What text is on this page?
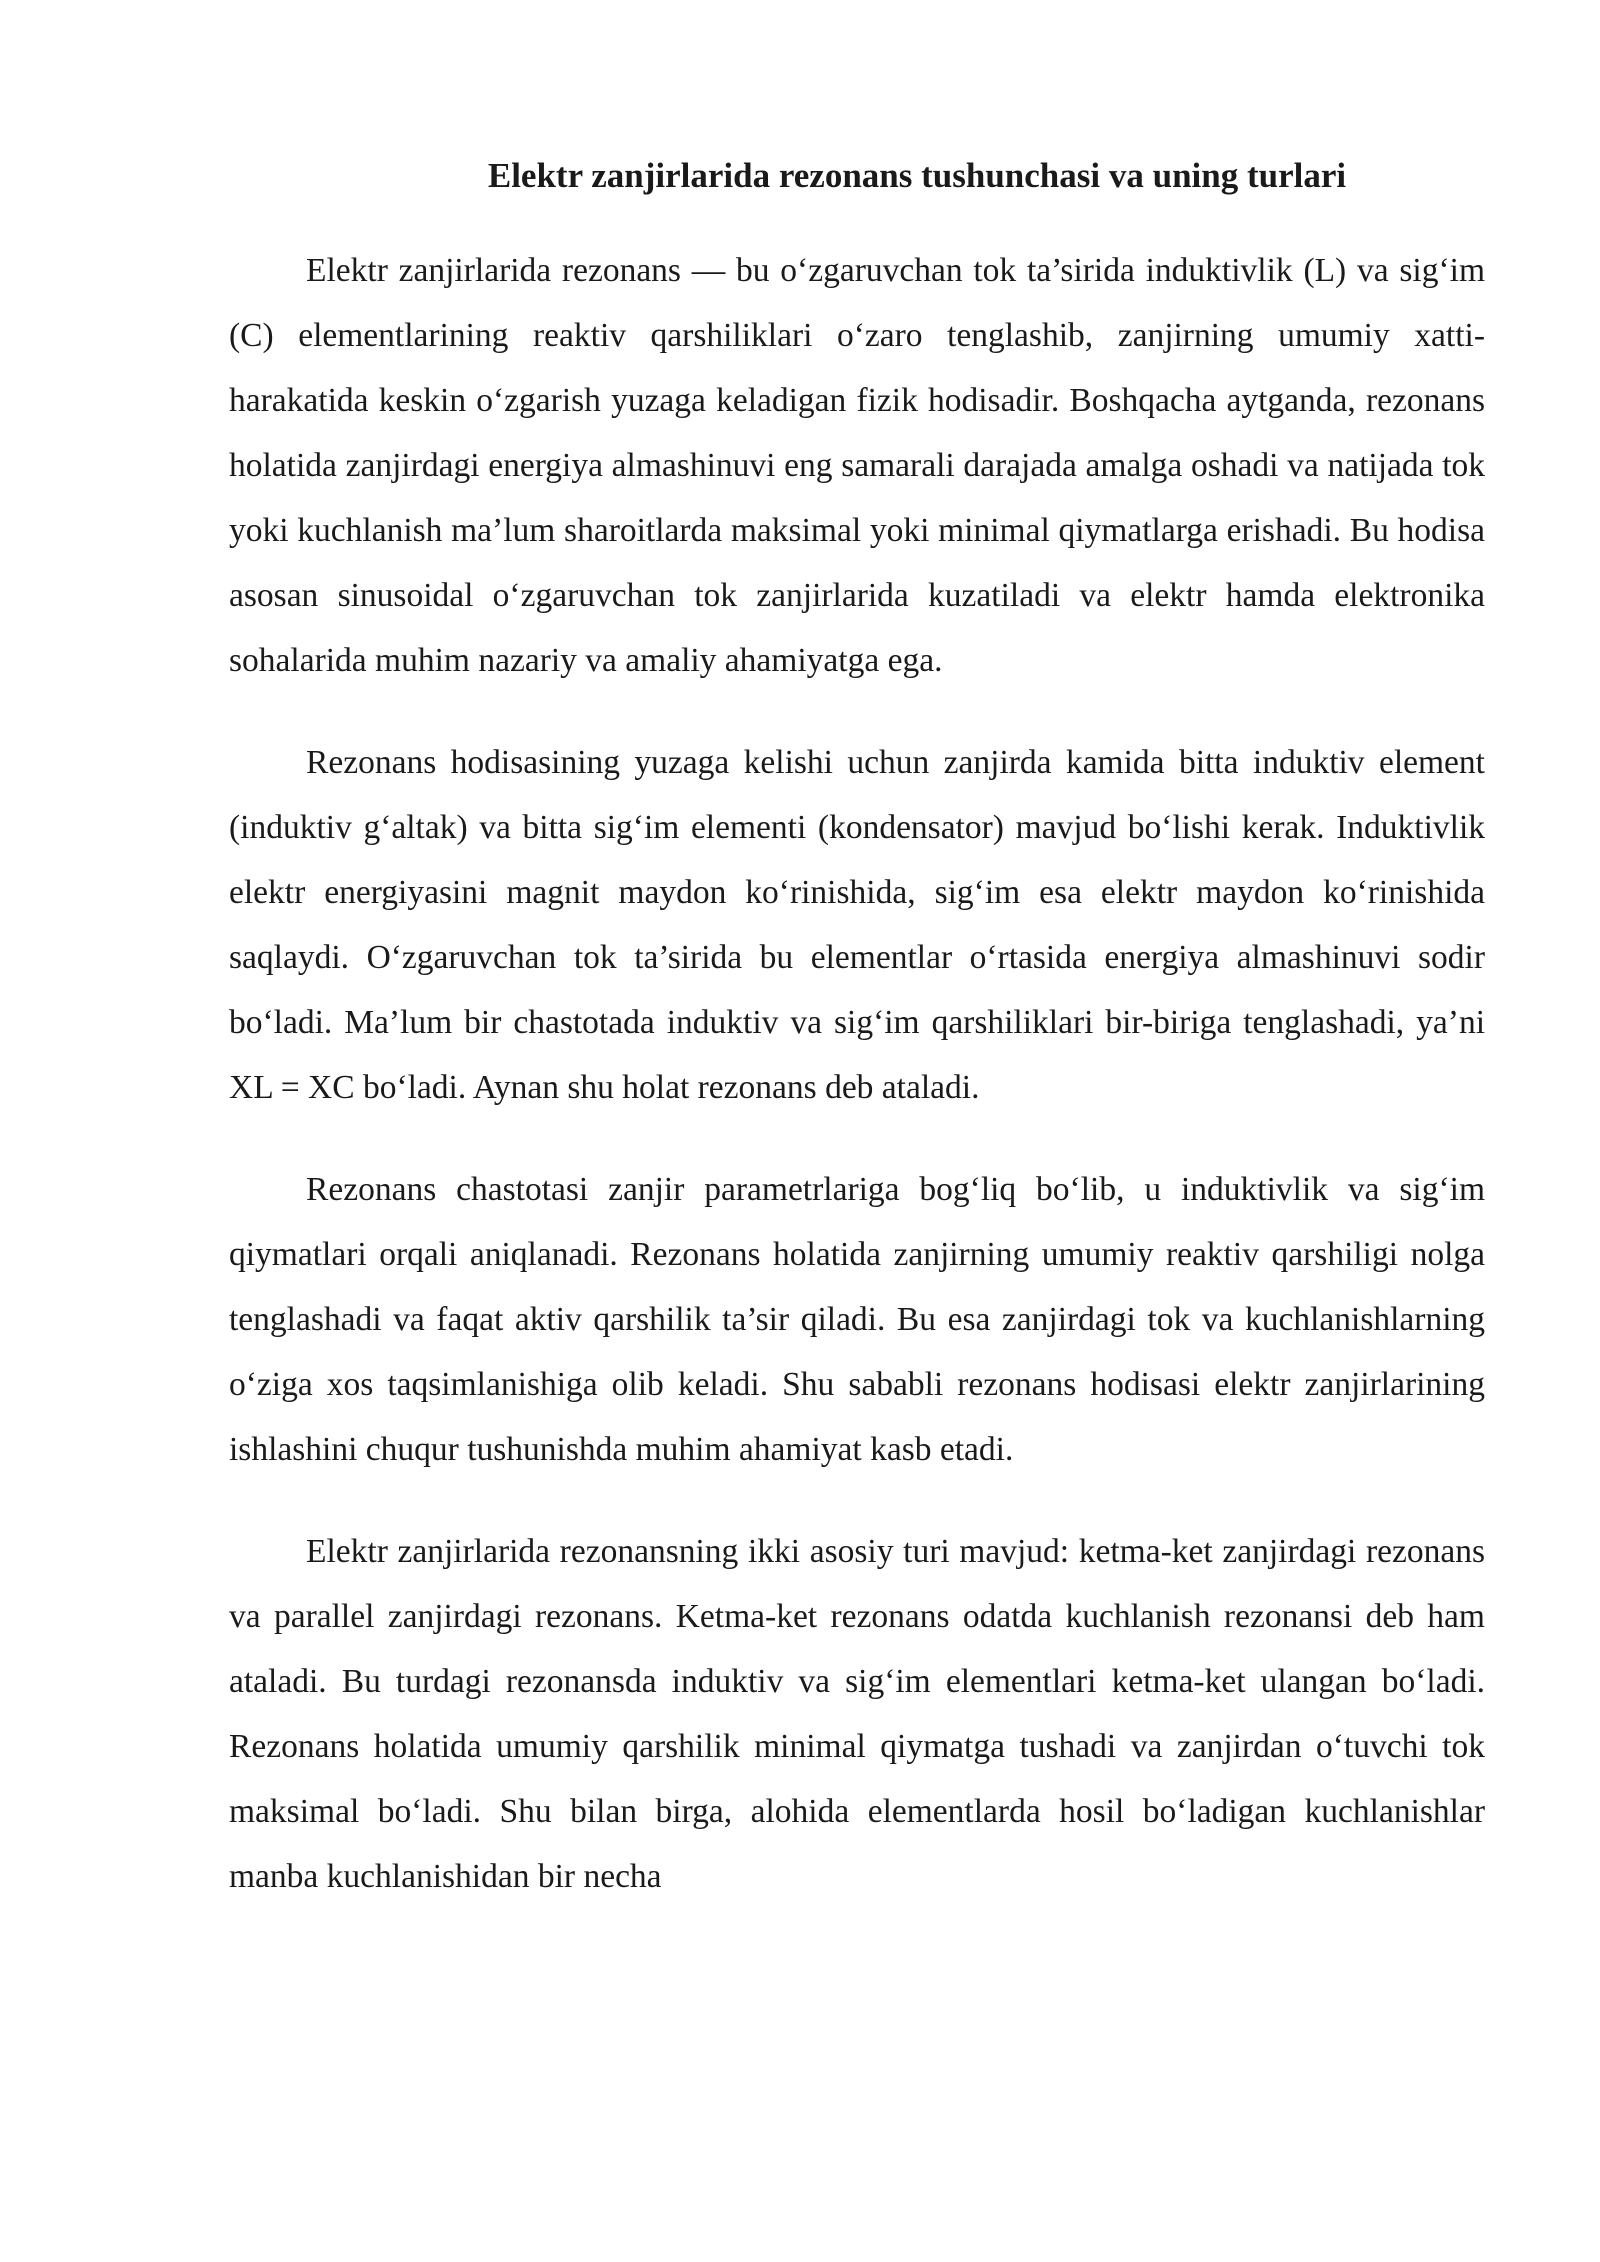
Elektr zanjirlarida rezonans tushunchasi va uning turlari

Elektr zanjirlarida rezonans — bu o‘zgaruvchan tok ta’sirida induktivlik (L) va sig‘im (C) elementlarining reaktiv qarshiliklari o‘zaro tenglashib, zanjirning umumiy xatti-harakatida keskin o‘zgarish yuzaga keladigan fizik hodisadir. Boshqacha aytganda, rezonans holatida zanjirdagi energiya almashinuvi eng samarali darajada amalga oshadi va natijada tok yoki kuchlanish ma’lum sharoitlarda maksimal yoki minimal qiymatlarga erishadi. Bu hodisa asosan sinusoidal o‘zgaruvchan tok zanjirlarida kuzatiladi va elektr hamda elektronika sohalarida muhim nazariy va amaliy ahamiyatga ega.

Rezonans hodisasining yuzaga kelishi uchun zanjirda kamida bitta induktiv element (induktiv g‘altak) va bitta sig‘im elementi (kondensator) mavjud bo‘lishi kerak. Induktivlik elektr energiyasini magnit maydon ko‘rinishida, sig‘im esa elektr maydon ko‘rinishida saqlaydi. O‘zgaruvchan tok ta’sirida bu elementlar o‘rtasida energiya almashinuvi sodir bo‘ladi. Ma’lum bir chastotada induktiv va sig‘im qarshiliklari bir-biriga tenglashadi, ya’ni XL = XC bo‘ladi. Aynan shu holat rezonans deb ataladi.

Rezonans chastotasi zanjir parametrlariga bog‘liq bo‘lib, u induktivlik va sig‘im qiymatlari orqali aniqlanadi. Rezonans holatida zanjirning umumiy reaktiv qarshiligi nolga tenglashadi va faqat aktiv qarshilik ta’sir qiladi. Bu esa zanjirdagi tok va kuchlanishlarning o‘ziga xos taqsimlanishiga olib keladi. Shu sababli rezonans hodisasi elektr zanjirlarining ishlashini chuqur tushunishda muhim ahamiyat kasb etadi.

Elektr zanjirlarida rezonansning ikki asosiy turi mavjud: ketma-ket zanjirdagi rezonans va parallel zanjirdagi rezonans. Ketma-ket rezonans odatda kuchlanish rezonansi deb ham ataladi. Bu turdagi rezonansda induktiv va sig‘im elementlari ketma-ket ulangan bo‘ladi. Rezonans holatida umumiy qarshilik minimal qiymatga tushadi va zanjirdan o‘tuvchi tok maksimal bo‘ladi. Shu bilan birga, alohida elementlarda hosil bo‘ladigan kuchlanishlar manba kuchlanishidan bir necha
